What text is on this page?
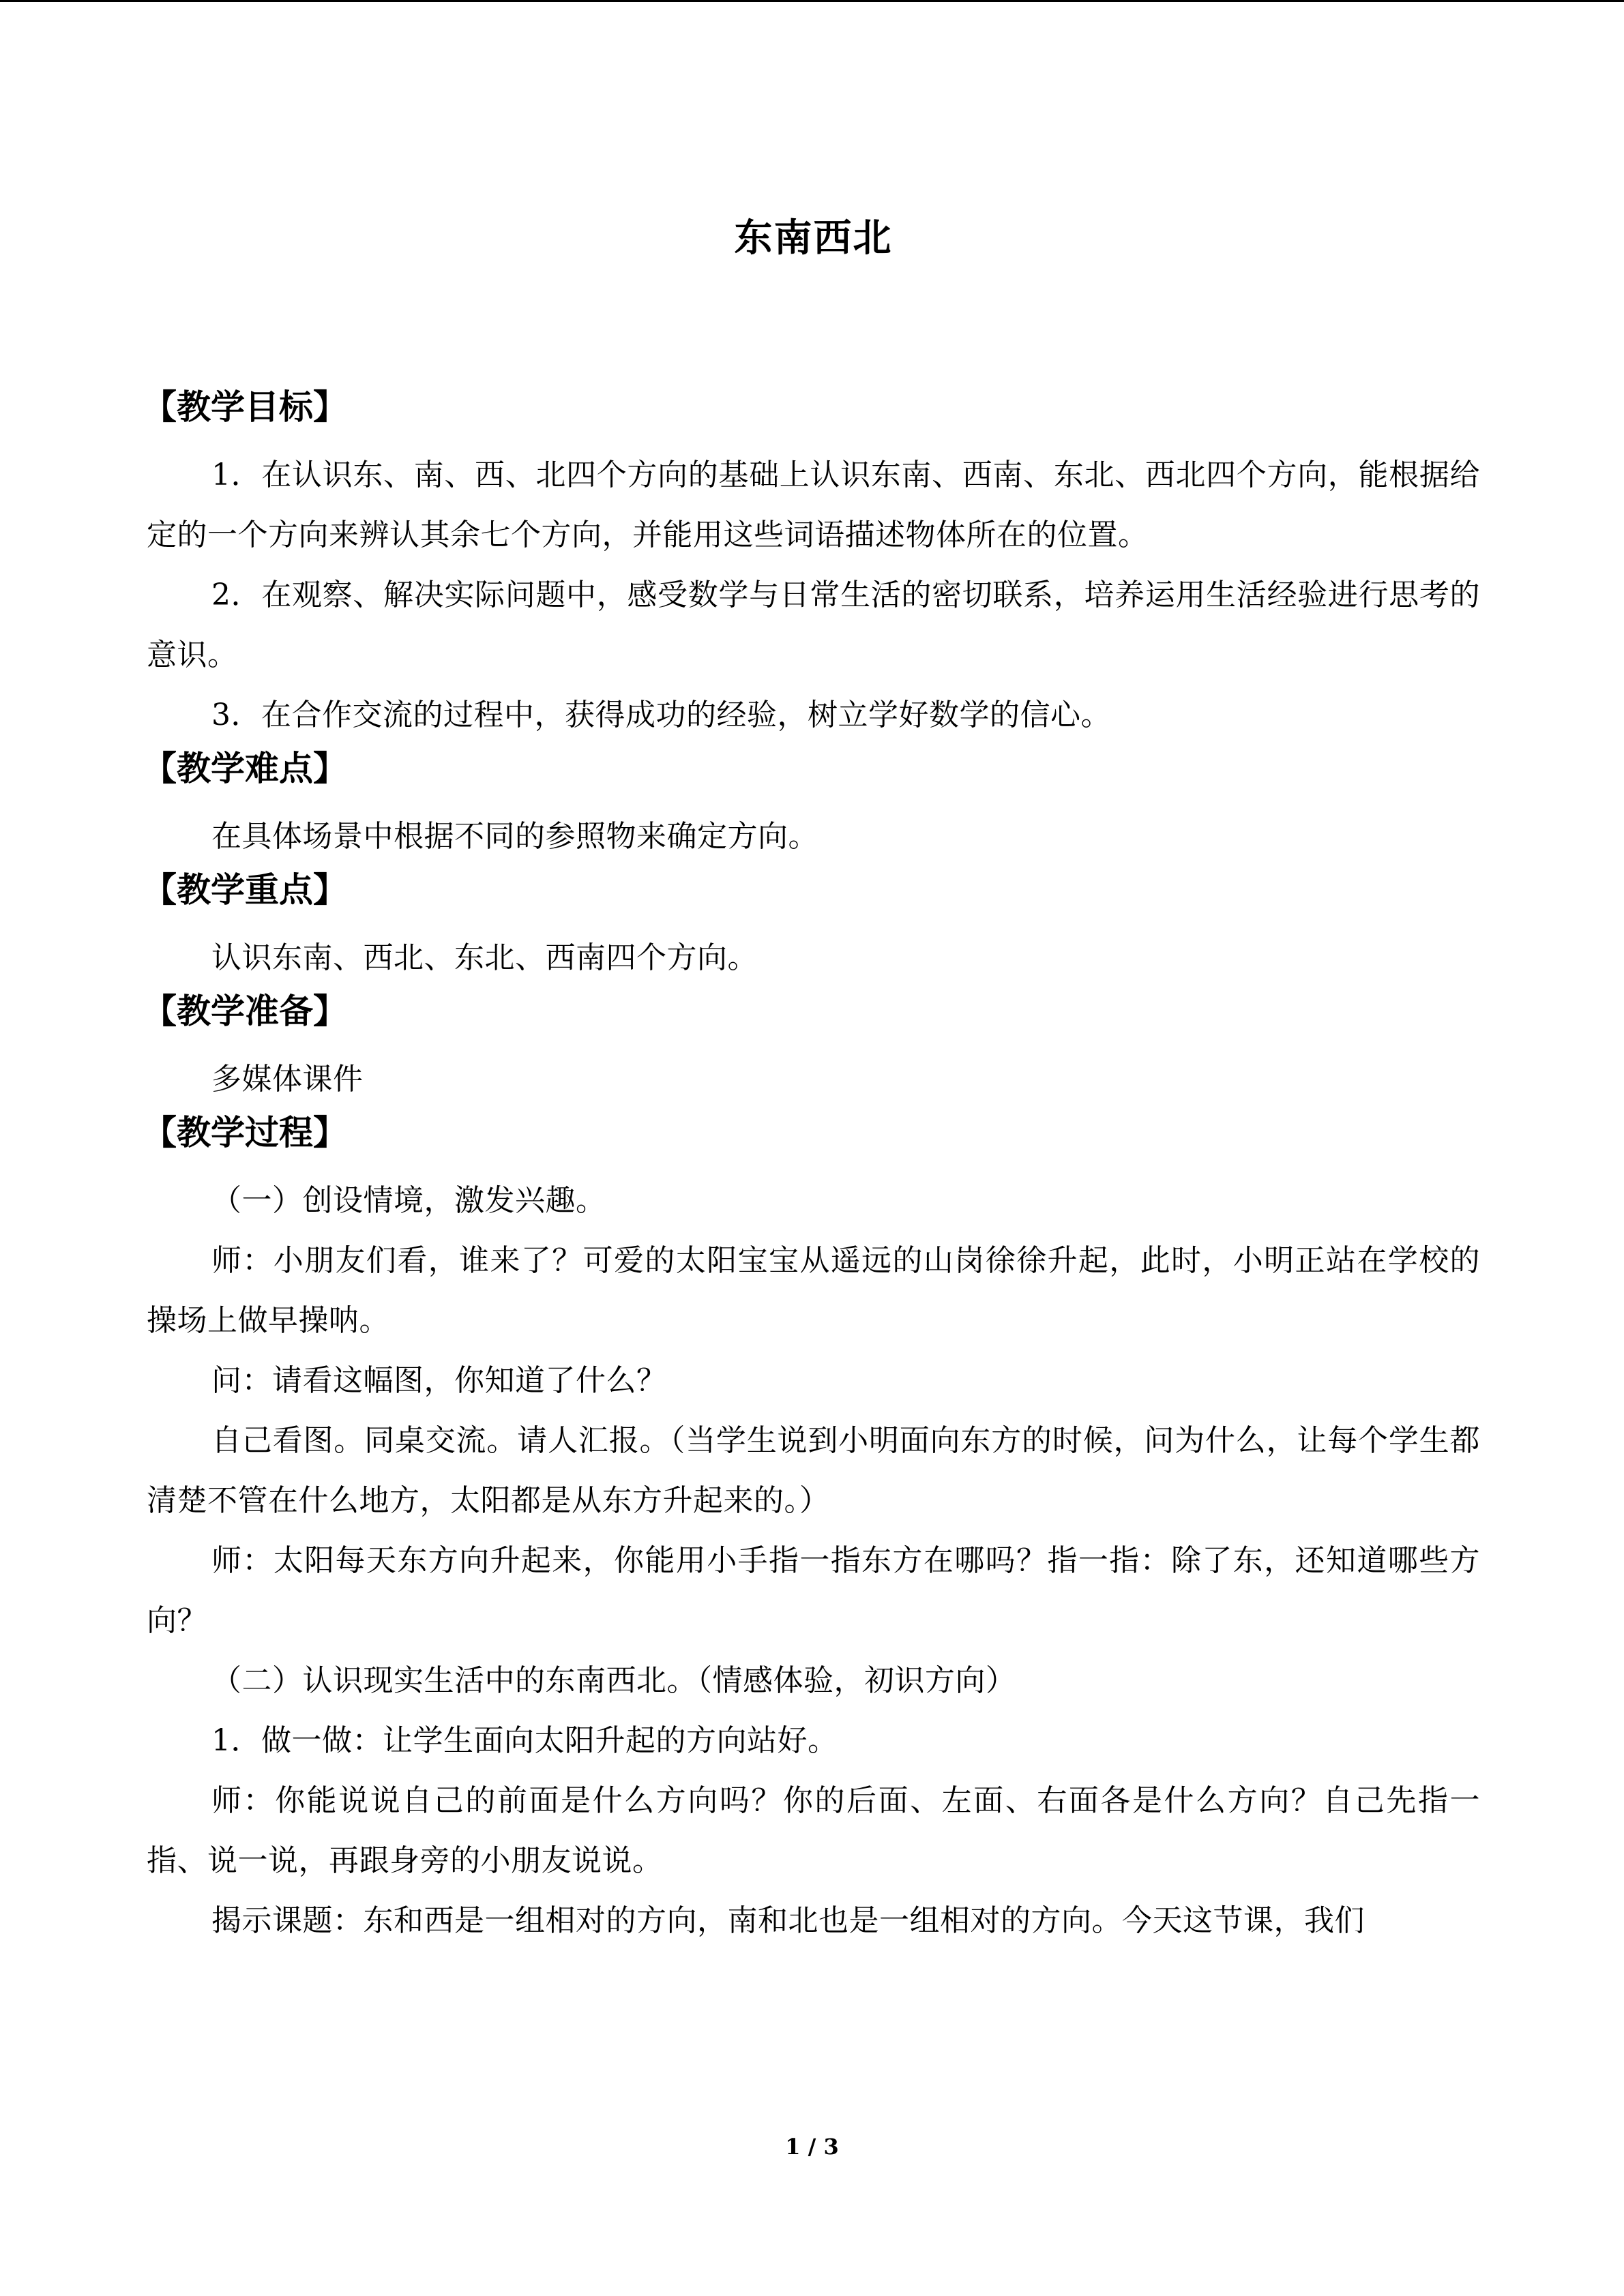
东南西北
【教学目标】

1．在认识东、南、西、北四个方向的基础上认识东南、西南、东北、西北四个方向，能根据给定的一个方向来辨认其余七个方向，并能用这些词语描述物体所在的位置。

2．在观察、解决实际问题中，感受数学与日常生活的密切联系，培养运用生活经验进行思考的意识。

3．在合作交流的过程中，获得成功的经验，树立学好数学的信心。

【教学难点】

在具体场景中根据不同的参照物来确定方向。

【教学重点】

认识东南、西北、东北、西南四个方向。

【教学准备】

多媒体课件

【教学过程】

（一）创设情境，激发兴趣。

师：小朋友们看，谁来了？可爱的太阳宝宝从遥远的山岗徐徐升起，此时，小明正站在学校的操场上做早操呐。

问：请看这幅图，你知道了什么？

自己看图。同桌交流。请人汇报。（当学生说到小明面向东方的时候，问为什么，让每个学生都清楚不管在什么地方，太阳都是从东方升起来的。）

师：太阳每天东方向升起来，你能用小手指一指东方在哪吗？指一指：除了东，还知道哪些方向？

（二）认识现实生活中的东南西北。（情感体验，初识方向）

1．做一做：让学生面向太阳升起的方向站好。

师：你能说说自己的前面是什么方向吗？你的后面、左面、右面各是什么方向？自己先指一指、说一说，再跟身旁的小朋友说说。

揭示课题：东和西是一组相对的方向，南和北也是一组相对的方向。今天这节课，我们

1 / 3
